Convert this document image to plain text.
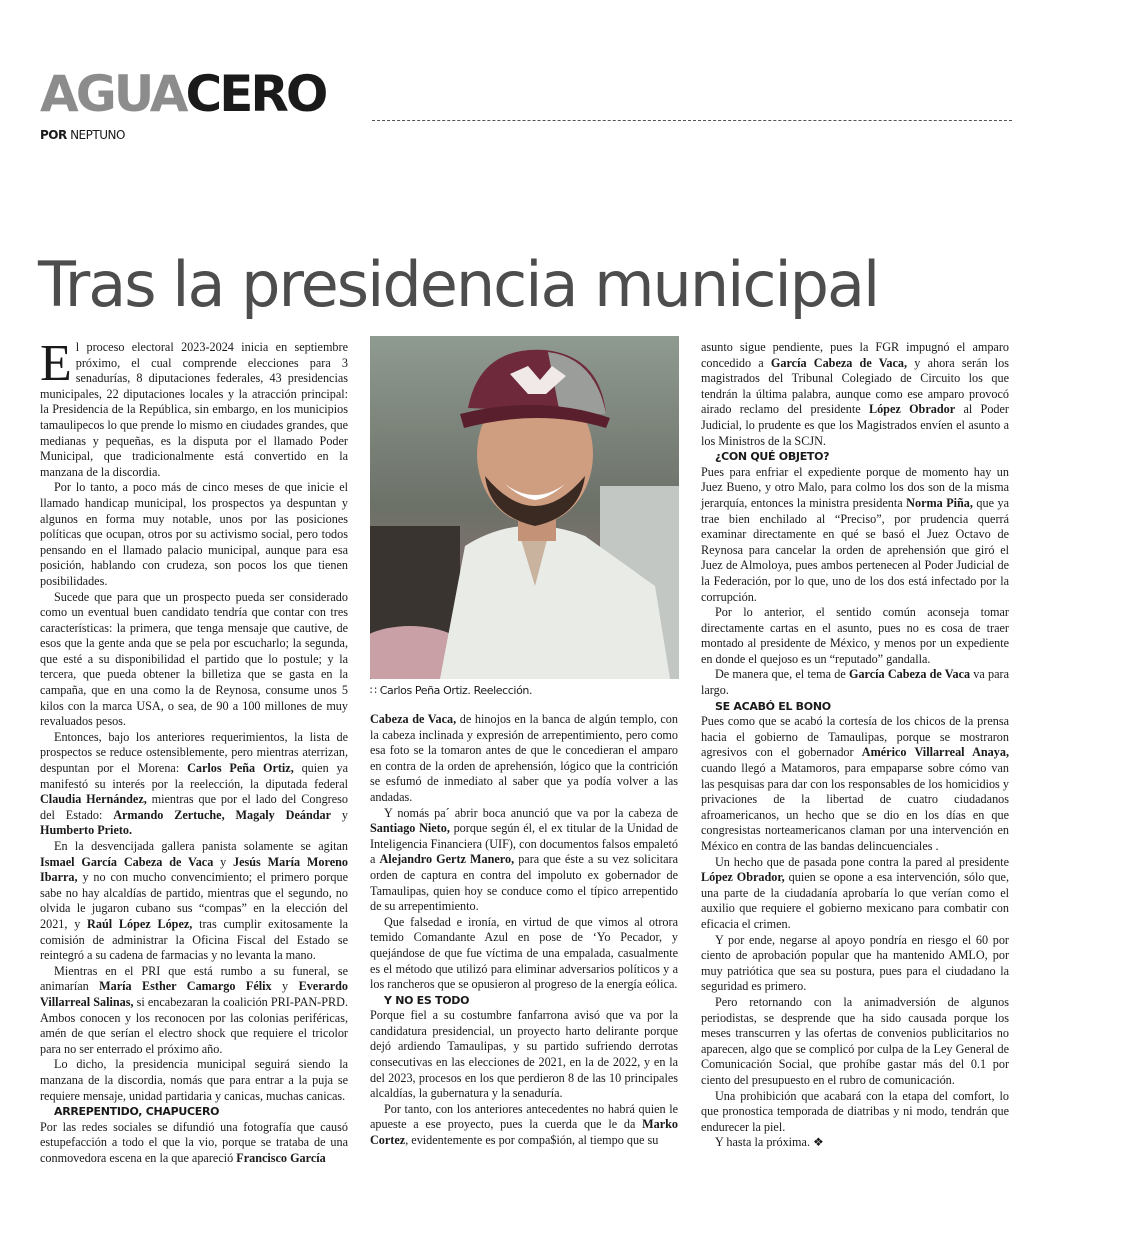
AGUACERO
POR NEPTUNO
Tras la presidencia municipal

El proceso electoral 2023-2024 inicia en septiembre próximo, el cual comprende elecciones para 3 senadurías, 8 diputaciones federales, 43 presidencias municipales, 22 diputaciones locales y la atracción principal: la Presidencia de la República, sin embargo, en los municipios tamaulipecos lo que prende lo mismo en ciudades grandes, que medianas y pequeñas, es la disputa por el llamado Poder Municipal, que tradicionalmente está convertido en la manzana de la discordia.

Por lo tanto, a poco más de cinco meses de que inicie el llamado handicap municipal, los prospectos ya despuntan y algunos en forma muy notable, unos por las posiciones políticas que ocupan, otros por su activismo social, pero todos pensando en el llamado palacio municipal, aunque para esa posición, hablando con crudeza, son pocos los que tienen posibilidades.

Sucede que para que un prospecto pueda ser considerado como un eventual buen candidato tendría que contar con tres características: la primera, que tenga mensaje que cautive, de esos que la gente anda que se pela por escucharlo; la segunda, que esté a su disponibilidad el partido que lo postule; y la tercera, que pueda obtener la billetiza que se gasta en la campaña, que en una como la de Reynosa, consume unos 5 kilos con la marca USA, o sea, de 90 a 100 millones de muy revaluados pesos.

Entonces, bajo los anteriores requerimientos, la lista de prospectos se reduce ostensiblemente, pero mientras aterrizan, despuntan por el Morena: Carlos Peña Ortiz, quien ya manifestó su interés por la reelección, la diputada federal Claudia Hernández, mientras que por el lado del Congreso del Estado: Armando Zertuche, Magaly Deándar y Humberto Prieto.

En la desvencijada gallera panista solamente se agitan Ismael García Cabeza de Vaca y Jesús María Moreno Ibarra, y no con mucho convencimiento; el primero porque sabe no hay alcaldías de partido, mientras que el segundo, no olvida le jugaron cubano sus “compas” en la elección del 2021, y Raúl López López, tras cumplir exitosamente la comisión de administrar la Oficina Fiscal del Estado se reintegró a su cadena de farmacias y no levanta la mano.

Mientras en el PRI que está rumbo a su funeral, se animarían María Esther Camargo Félix y Everardo Villarreal Salinas, si encabezaran la coalición PRI-PAN-PRD. Ambos conocen y los reconocen por las colonias periféricas, amén de que serían el electro shock que requiere el tricolor para no ser enterrado el próximo año.

Lo dicho, la presidencia municipal seguirá siendo la manzana de la discordia, nomás que para entrar a la puja se requiere mensaje, unidad partidaria y canicas, muchas canicas.

ARREPENTIDO, CHAPUCERO

Por las redes sociales se difundió una fotografía que causó estupefacción a todo el que la vio, porque se trataba de una conmovedora escena en la que apareció Francisco García

∷ Carlos Peña Ortiz. Reelección.

Cabeza de Vaca, de hinojos en la banca de algún templo, con la cabeza inclinada y expresión de arrepentimiento, pero como esa foto se la tomaron antes de que le concedieran el amparo en contra de la orden de aprehensión, lógico que la contrición se esfumó de inmediato al saber que ya podía volver a las andadas.

Y nomás pa´ abrir boca anunció que va por la cabeza de Santiago Nieto, porque según él, el ex titular de la Unidad de Inteligencia Financiera (UIF), con documentos falsos empaletó a Alejandro Gertz Manero, para que éste a su vez solicitara orden de captura en contra del impoluto ex gobernador de Tamaulipas, quien hoy se conduce como el típico arrepentido de su arrepentimiento.

Que falsedad e ironía, en virtud de que vimos al otrora temido Comandante Azul en pose de ‘Yo Pecador, y quejándose de que fue víctima de una empalada, casualmente es el método que utilizó para eliminar adversarios políticos y a los rancheros que se opusieron al progreso de la energía eólica.

Y NO ES TODO

Porque fiel a su costumbre fanfarrona avisó que va por la candidatura presidencial, un proyecto harto delirante porque dejó ardiendo Tamaulipas, y su partido sufriendo derrotas consecutivas en las elecciones de 2021, en la de 2022, y en la del 2023, procesos en los que perdieron 8 de las 10 principales alcaldías, la gubernatura y la senaduría.

Por tanto, con los anteriores antecedentes no habrá quien le apueste a ese proyecto, pues la cuerda que le da Marko Cortez, evidentemente es por compa$ión, al tiempo que su

asunto sigue pendiente, pues la FGR impugnó el amparo concedido a García Cabeza de Vaca, y ahora serán los magistrados del Tribunal Colegiado de Circuito los que tendrán la última palabra, aunque como ese amparo provocó airado reclamo del presidente López Obrador al Poder Judicial, lo prudente es que los Magistrados envíen el asunto a los Ministros de la SCJN.

¿CON QUÉ OBJETO?

Pues para enfriar el expediente porque de momento hay un Juez Bueno, y otro Malo, para colmo los dos son de la misma jerarquía, entonces la ministra presidenta Norma Piña, que ya trae bien enchilado al “Preciso”, por prudencia querrá examinar directamente en qué se basó el Juez Octavo de Reynosa para cancelar la orden de aprehensión que giró el Juez de Almoloya, pues ambos pertenecen al Poder Judicial de la Federación, por lo que, uno de los dos está infectado por la corrupción.

Por lo anterior, el sentido común aconseja tomar directamente cartas en el asunto, pues no es cosa de traer montado al presidente de México, y menos por un expediente en donde el quejoso es un “reputado” gandalla.

De manera que, el tema de García Cabeza de Vaca va para largo.

SE ACABÓ EL BONO

Pues como que se acabó la cortesía de los chicos de la prensa hacia el gobierno de Tamaulipas, porque se mostraron agresivos con el gobernador Américo Villarreal Anaya, cuando llegó a Matamoros, para empaparse sobre cómo van las pesquisas para dar con los responsables de los homicidios y privaciones de la libertad de cuatro ciudadanos afroamericanos, un hecho que se dio en los días en que congresistas norteamericanos claman por una intervención en México en contra de las bandas delincuenciales .

Un hecho que de pasada pone contra la pared al presidente López Obrador, quien se opone a esa intervención, sólo que, una parte de la ciudadanía aprobaría lo que verían como el auxilio que requiere el gobierno mexicano para combatir con eficacia el crimen.

Y por ende, negarse al apoyo pondría en riesgo el 60 por ciento de aprobación popular que ha mantenido AMLO, por muy patriótica que sea su postura, pues para el ciudadano la seguridad es primero.

Pero retornando con la animadversión de algunos periodistas, se desprende que ha sido causada porque los meses transcurren y las ofertas de convenios publicitarios no aparecen, algo que se complicó por culpa de la Ley General de Comunicación Social, que prohíbe gastar más del 0.1 por ciento del presupuesto en el rubro de comunicación.

Una prohibición que acabará con la etapa del comfort, lo que pronostica temporada de diatribas y ni modo, tendrán que endurecer la piel.

Y hasta la próxima. ❖
